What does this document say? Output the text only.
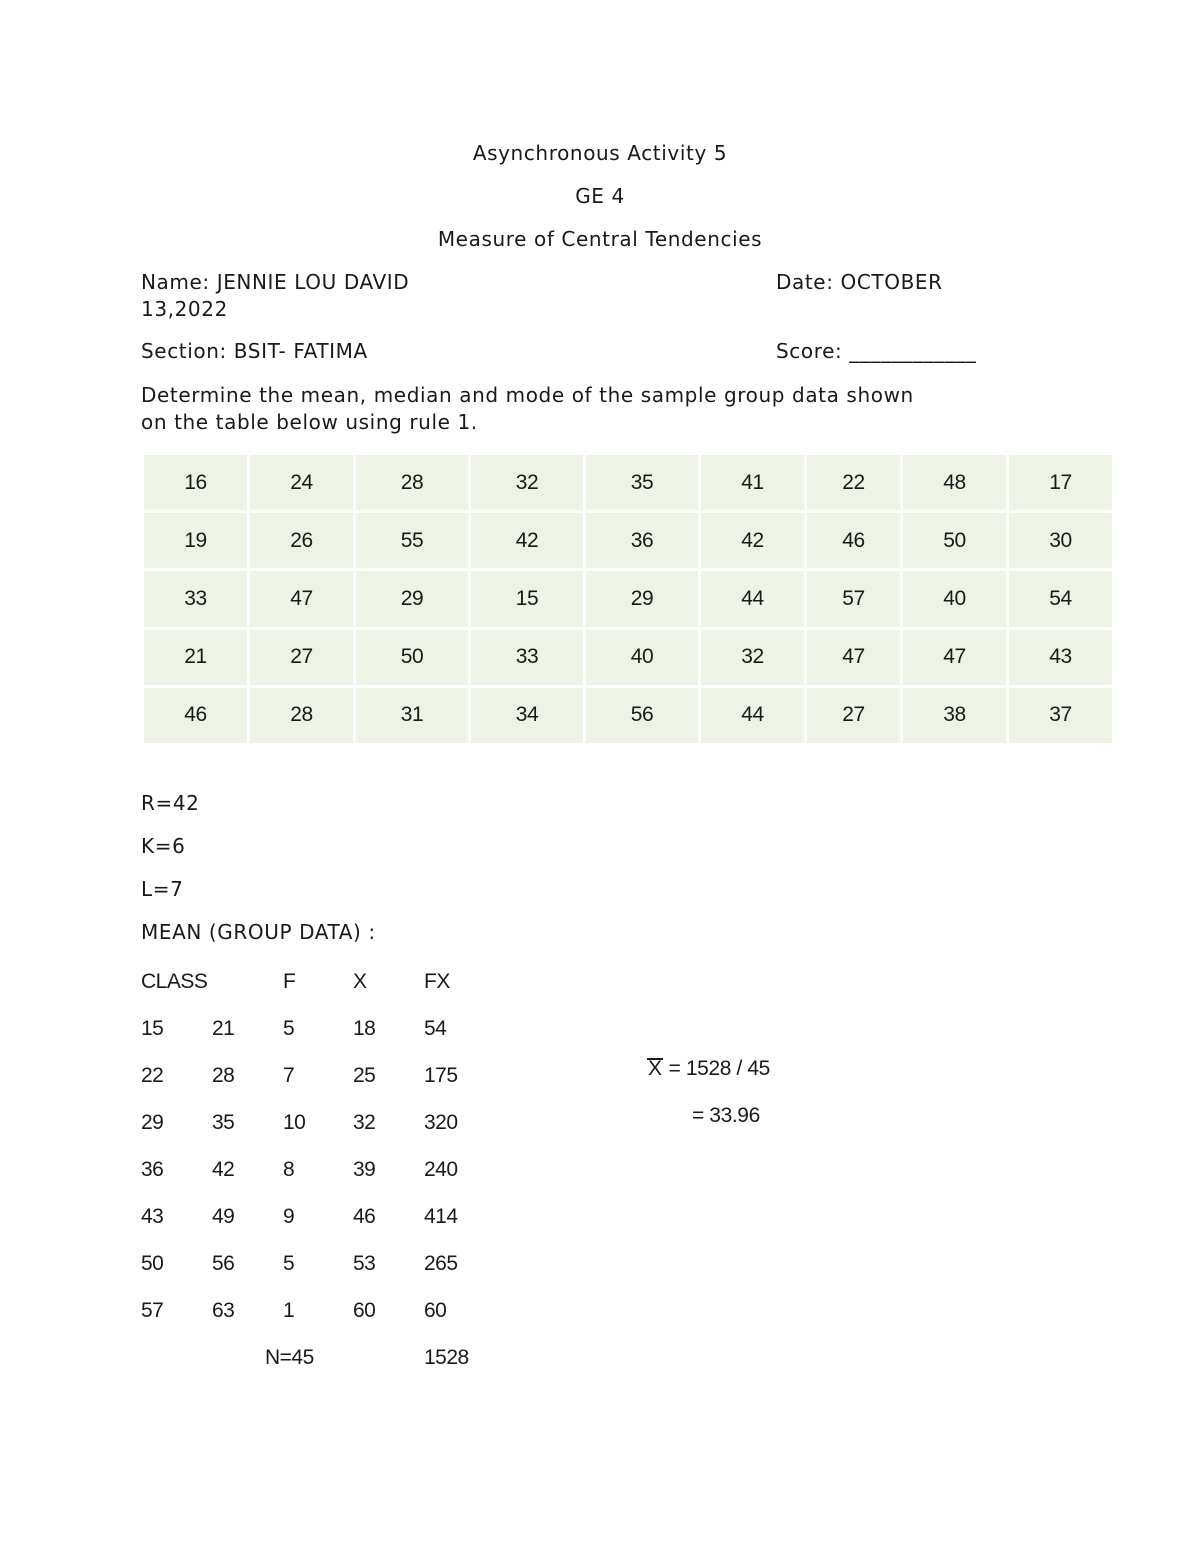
Asynchronous Activity 5
GE 4
Measure of Central Tendencies
Name: JENNIE LOU DAVID	Date: OCTOBER
13,2022
Section: BSIT- FATIMA	Score: ____________
Determine the mean, median and mode of the sample group data shown
on the table below using rule 1.
16	24	28	32	35	41	22	48	17
19	26	55	42	36	42	46	50	30
33	47	29	15	29	44	57	40	54
21	27	50	33	40	32	47	47	43
46	28	31	34	56	44	27	38	37
R=42
K=6
L=7
MEAN (GROUP DATA) :
CLASS		F	X	FX
15	21	5	18	54
22	28	7	25	175
29	35	10	32	320
36	42	8	39	240
43	49	9	46	414
50	56	5	53	265
57	63	1	60	60
	N=45			1528
X = 1528 / 45
= 33.96
